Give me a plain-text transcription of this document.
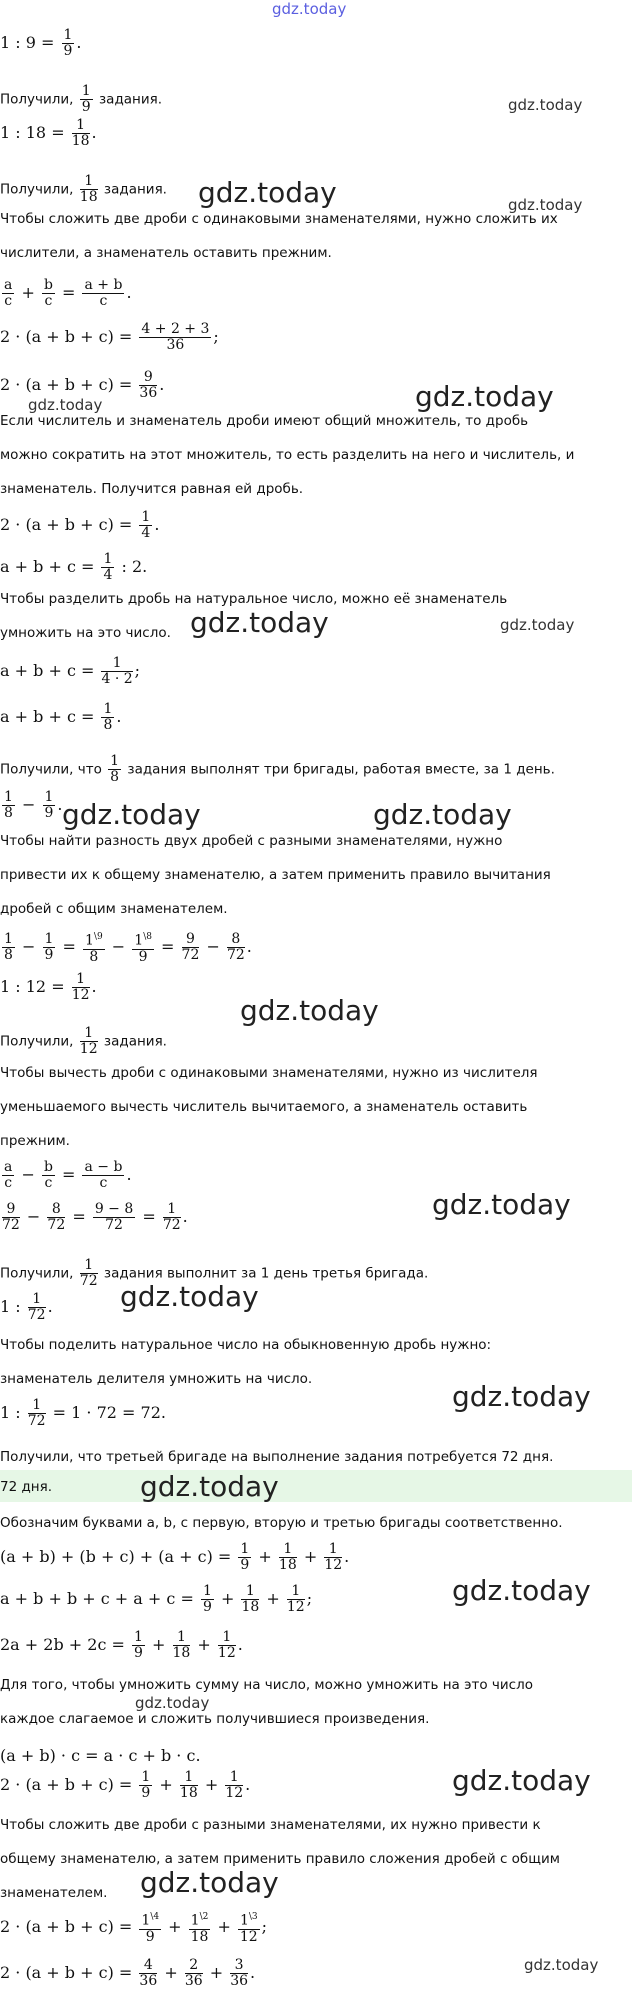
gdz.today
1 : $9 = \frac{1}{9}$ .
Получили, $\frac{1}{9}$ задания.
1 : $18 = \frac{1}{18}$ .
Получили, $\frac{1}{18}$ задания.
Чтобы сложить две дроби с одинаковыми знаменателями, нужно сложить их
числители, а знаменатель оставить прежним.
$\frac{a}{c} + \frac{b}{c} = \frac{a + b}{c}$ .
$2 \cdot (a + b + c) = \frac{4 + 2 + 3}{36}$ ;
$2 \cdot (a + b + c) = \frac{9}{36}$ .
Если числитель и знаменатель дроби имеют общий множитель, то дробь
можно сократить на этот множитель, то есть разделить на него и числитель, и
знаменатель. Получится равная ей дробь.
$2 \cdot (a + b + c) = \frac{1}{4}$ .
$a + b + c = \frac{1}{4}$ : 2.
Чтобы разделить дробь на натуральное число, можно её знаменатель
умножить на это число.
$a + b + c = \frac{1}{4 \cdot 2}$ ;
$a + b + c = \frac{1}{8}$ .
Получили, что $\frac{1}{8}$ задания выполнят три бригады, работая вместе, за 1 день.
$\frac{1}{8} - \frac{1}{9}$ .
Чтобы найти разность двух дробей с разными знаменателями, нужно
привести их к общему знаменателю, а затем применить правило вычитания
дробей с общим знаменателем.
$\frac{1}{8} - \frac{1}{9} = \frac{1^{\backslash 9}}{8} - \frac{1^{\backslash 8}}{9} = \frac{9}{72} - \frac{8}{72}$ .
1 : $12 = \frac{1}{12}$ .
Получили, $\frac{1}{12}$ задания.
Чтобы вычесть дроби с одинаковыми знаменателями, нужно из числителя
уменьшаемого вычесть числитель вычитаемого, а знаменатель оставить
прежним.
$\frac{a}{c} - \frac{b}{c} = \frac{a - b}{c}$ .
$\frac{9}{72} - \frac{8}{72} = \frac{9 - 8}{72} = \frac{1}{72}$ .
Получили, $\frac{1}{72}$ задания выполнит за 1 день третья бригада.
1 : $\frac{1}{72}$ .
Чтобы поделить натуральное число на обыкновенную дробь нужно:
знаменатель делителя умножить на число.
1 : $\frac{1}{72} = 1 \cdot 72 = 72$.
Получили, что третьей бригаде на выполнение задания потребуется 72 дня.
72 дня.
Обозначим буквами a, b, c первую, вторую и третью бригады соответственно.
$(a + b) + (b + c) + (a + c) = \frac{1}{9} + \frac{1}{18} + \frac{1}{12}$ .
$a + b + b + c + a + c = \frac{1}{9} + \frac{1}{18} + \frac{1}{12}$ ;
$2a + 2b + 2c = \frac{1}{9} + \frac{1}{18} + \frac{1}{12}$ .
Для того, чтобы умножить сумму на число, можно умножить на это число
каждое слагаемое и сложить получившиеся произведения.
(a + b) · c = a · c + b · c.
$2 \cdot (a + b + c) = \frac{1}{9} + \frac{1}{18} + \frac{1}{12}$ .
Чтобы сложить две дроби с разными знаменателями, их нужно привести к
общему знаменателю, а затем применить правило сложения дробей с общим
знаменателем.
$2 \cdot (a + b + c) = \frac{1^{\backslash 4}}{9} + \frac{1^{\backslash 2}}{18} + \frac{1^{\backslash 3}}{12}$ ;
$2 \cdot (a + b + c) = \frac{4}{36} + \frac{2}{36} + \frac{3}{36}$ .
gdz.today
gdz.today	gdz.today
gdz.today	gdz.today
gdz.today	gdz.today
gdz.today	gdz.today
gdz.today
gdz.today
gdz.today
gdz.today
gdz.today
gdz.today
gdz.today
gdz.today
gdz.today
gdz.today
